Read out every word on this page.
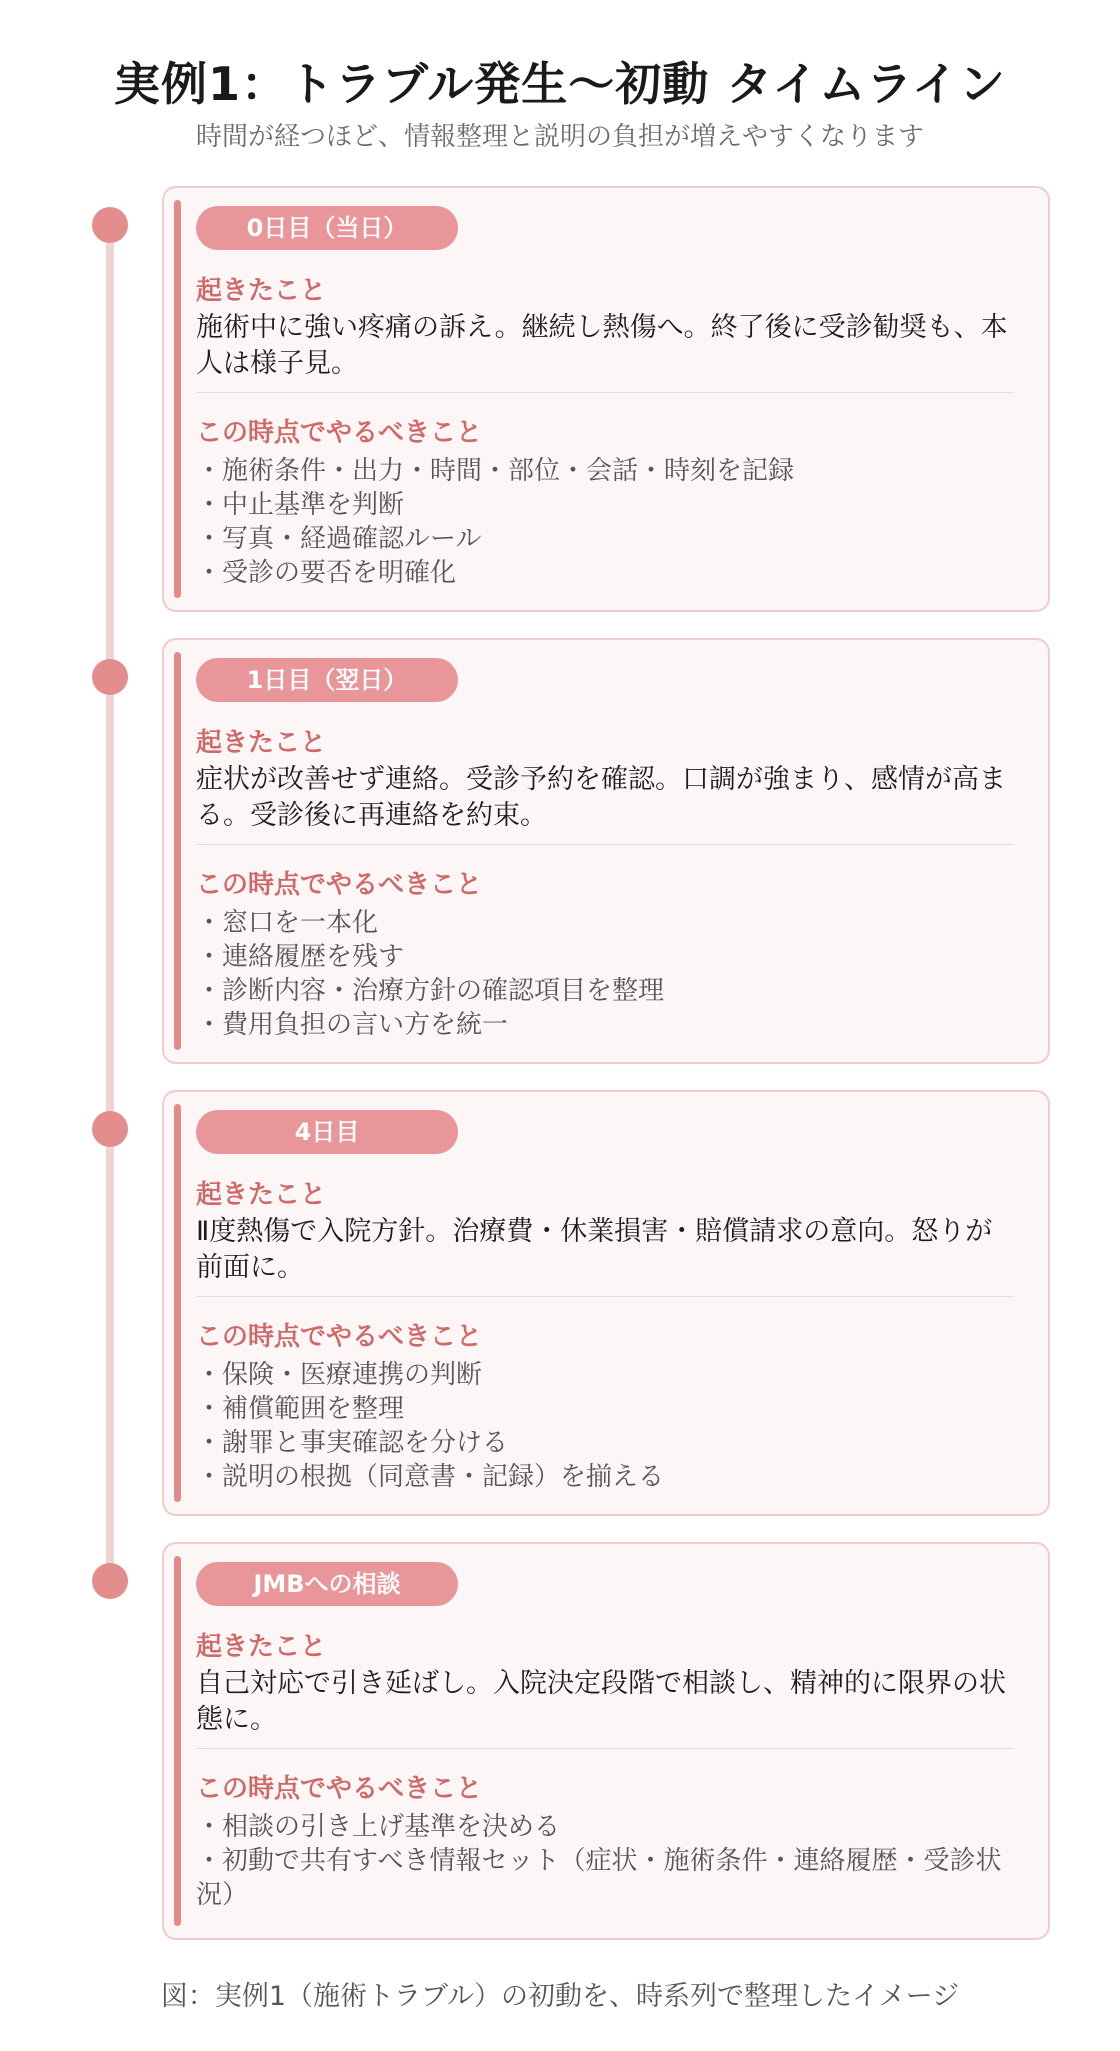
実例1：トラブル発生〜初動 タイムライン
時間が経つほど、情報整理と説明の負担が増えやすくなります
0日目（当日）
起きたこと
施術中に強い疼痛の訴え。継続し熱傷へ。終了後に受診勧奨も、本人は様子見。
この時点でやるべきこと
・施術条件・出力・時間・部位・会話・時刻を記録
・中止基準を判断
・写真・経過確認ルール
・受診の要否を明確化
1日目（翌日）
起きたこと
症状が改善せず連絡。受診予約を確認。口調が強まり、感情が高まる。受診後に再連絡を約束。
この時点でやるべきこと
・窓口を一本化
・連絡履歴を残す
・診断内容・治療方針の確認項目を整理
・費用負担の言い方を統一
4日目
起きたこと
Ⅱ度熱傷で入院方針。治療費・休業損害・賠償請求の意向。怒りが前面に。
この時点でやるべきこと
・保険・医療連携の判断
・補償範囲を整理
・謝罪と事実確認を分ける
・説明の根拠（同意書・記録）を揃える
JMBへの相談
起きたこと
自己対応で引き延ばし。入院決定段階で相談し、精神的に限界の状態に。
この時点でやるべきこと
・相談の引き上げ基準を決める
・初動で共有すべき情報セット（症状・施術条件・連絡履歴・受診状況）
図：実例1（施術トラブル）の初動を、時系列で整理したイメージ
